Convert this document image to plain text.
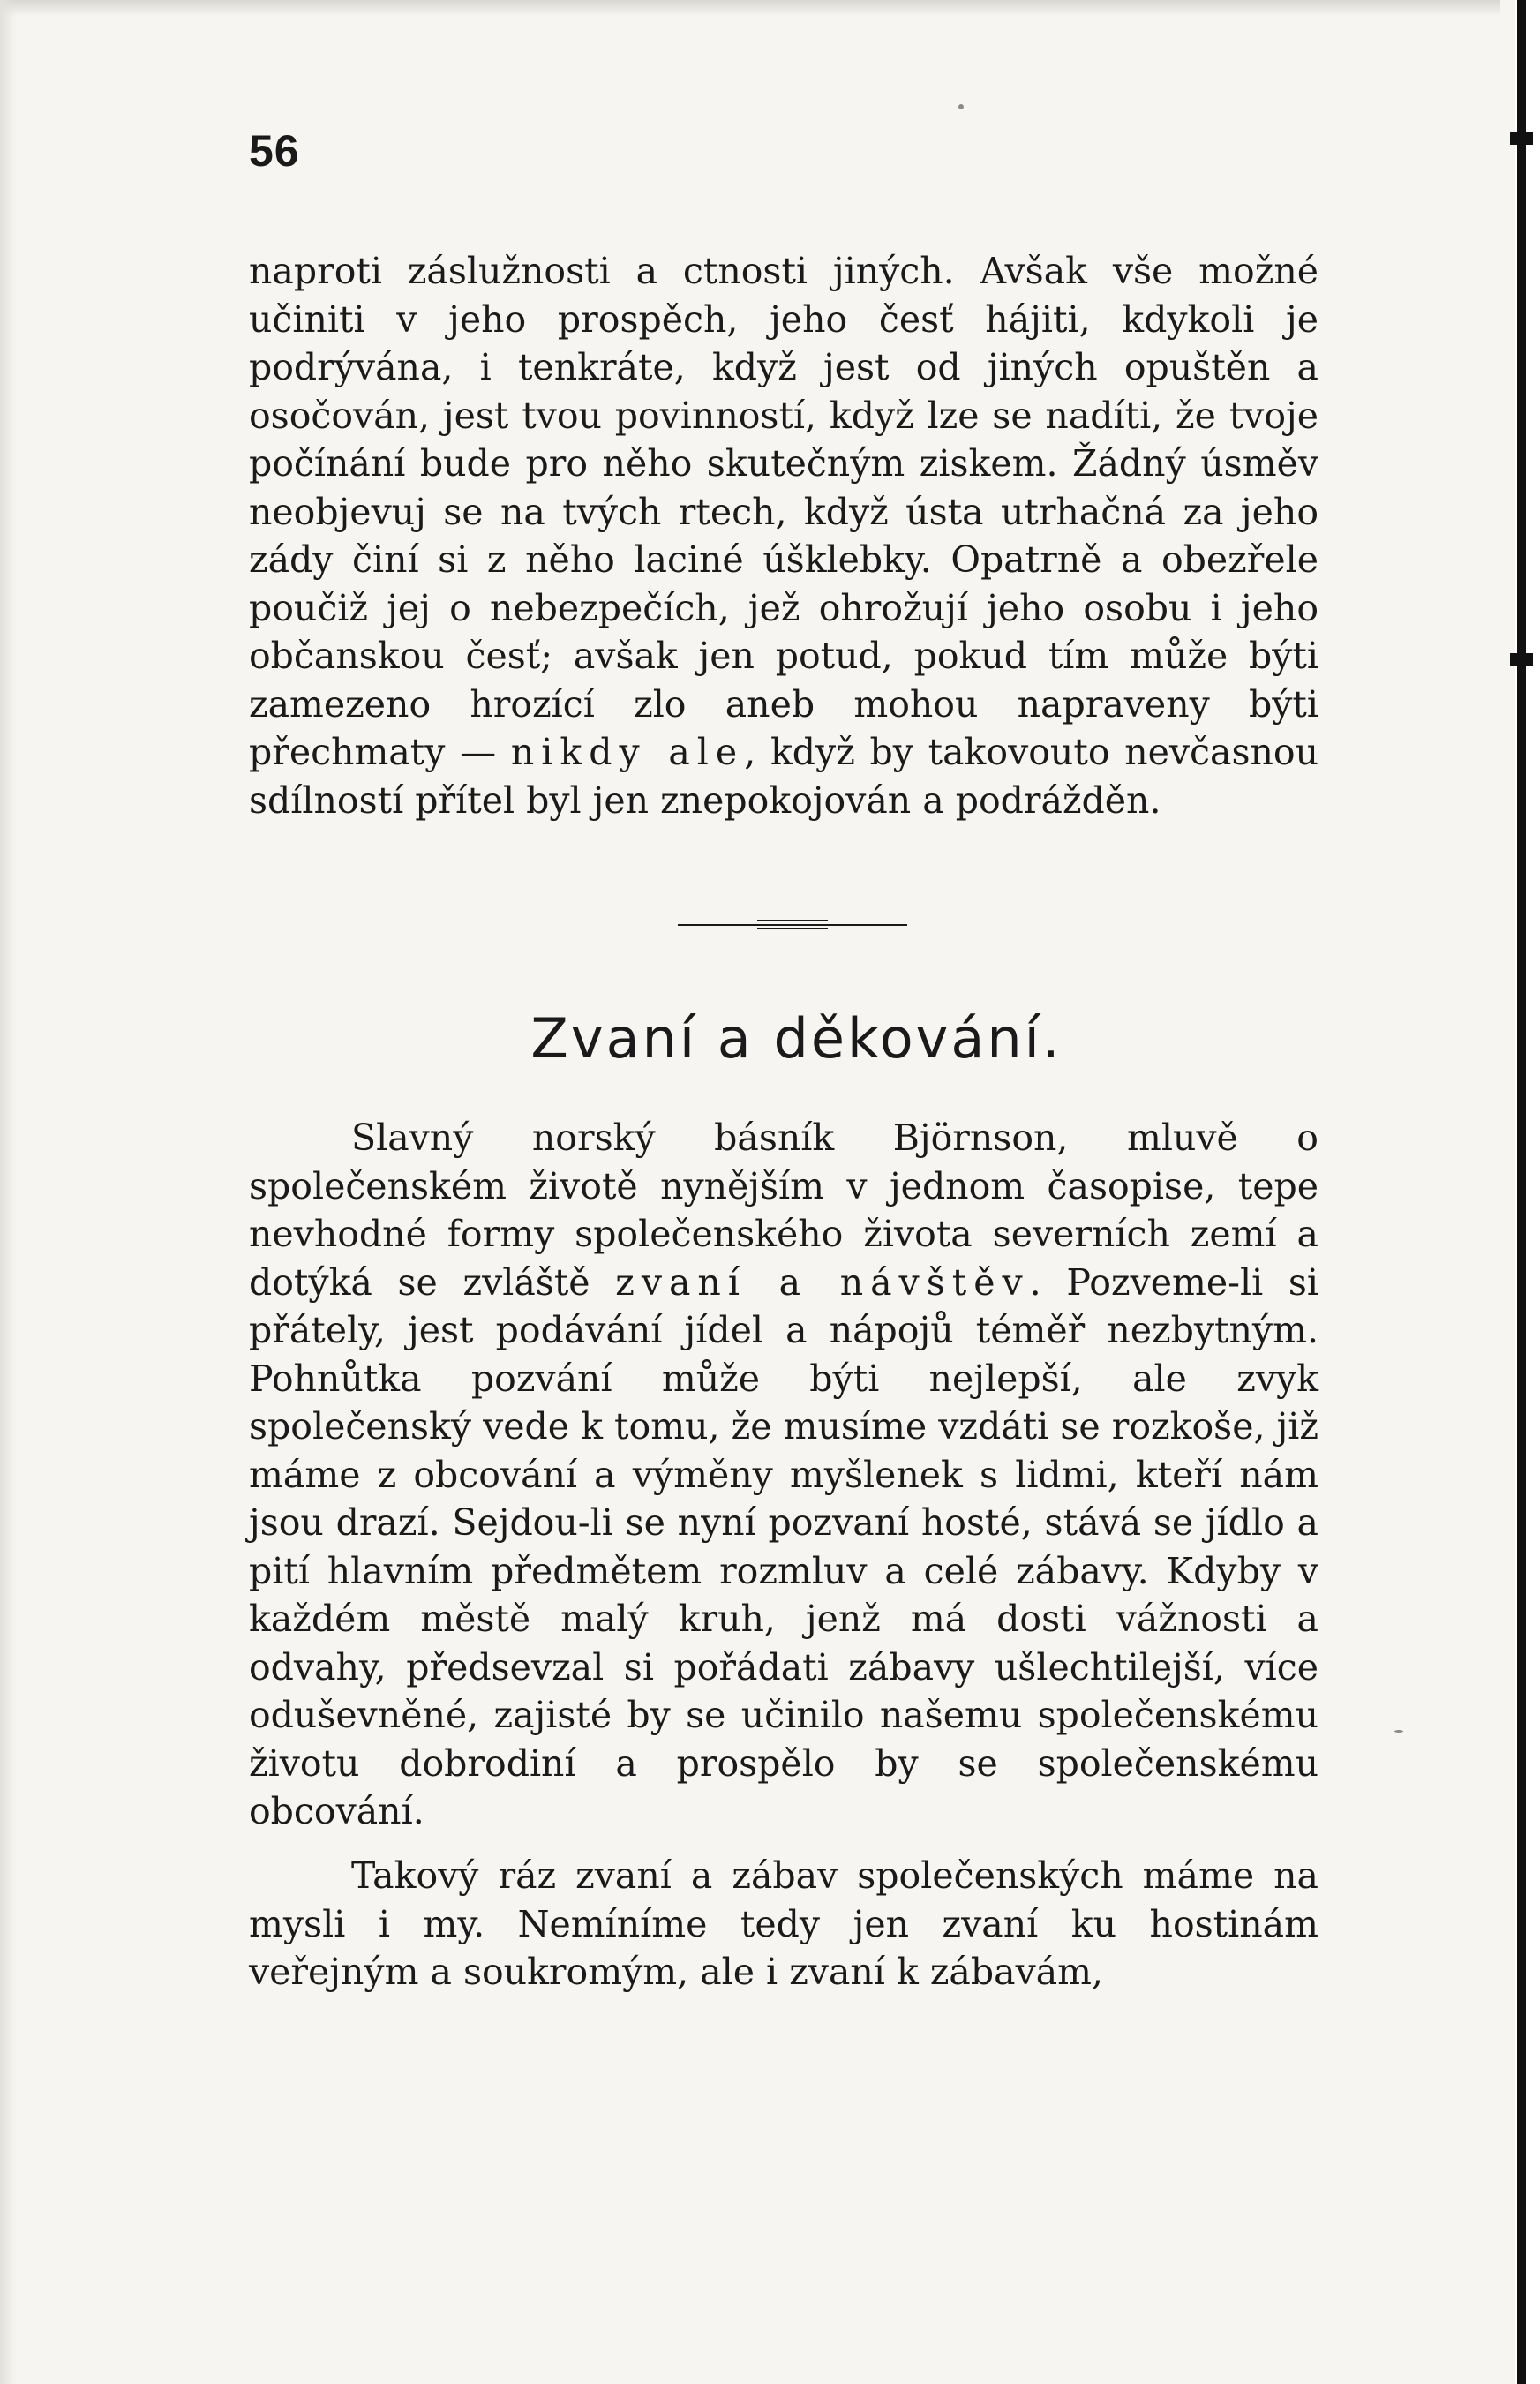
56
naproti záslužnosti a ctnosti jiných. Avšak vše možné učiniti v jeho prospěch, jeho česť hájiti, kdykoli je podrývána, i tenkráte, když jest od jiných opuštěn a osočován, jest tvou povinností, když lze se nadíti, že tvoje počínání bude pro něho skutečným ziskem. Žádný úsměv neobjevuj se na tvých rtech, když ústa utrhačná za jeho zády činí si z něho laciné úšklebky. Opatrně a obezřele poučiž jej o nebezpečích, jež ohrožují jeho osobu i jeho občanskou česť; avšak jen potud, pokud tím může býti zamezeno hrozící zlo aneb mohou napraveny býti přechmaty — nikdy ale, když by takovouto nevčasnou sdílností přítel byl jen znepokojován a podrážděn.
Zvaní a děkování.
Slavný norský básník Björnson, mluvě o společenském životě nynějším v jednom časopise, tepe nevhodné formy společenského života severních zemí a dotýká se zvláště zvaní a návštěv. Pozveme-li si přátely, jest podávání jídel a nápojů téměř nezbytným. Pohnůtka pozvání může býti nejlepší, ale zvyk společenský vede k tomu, že musíme vzdáti se rozkoše, již máme z obcování a výměny myšlenek s lidmi, kteří nám jsou drazí. Sejdou-li se nyní pozvaní hosté, stává se jídlo a pití hlavním předmětem rozmluv a celé zábavy. Kdyby v každém městě malý kruh, jenž má dosti vážnosti a odvahy, předsevzal si pořádati zábavy ušlechtilejší, více oduševněné, zajisté by se učinilo našemu společenskému životu dobrodiní a prospělo by se společenskému obcování.
Takový ráz zvaní a zábav společenských máme na mysli i my. Nemíníme tedy jen zvaní ku hostinám veřejným a soukromým, ale i zvaní k zábavám,
